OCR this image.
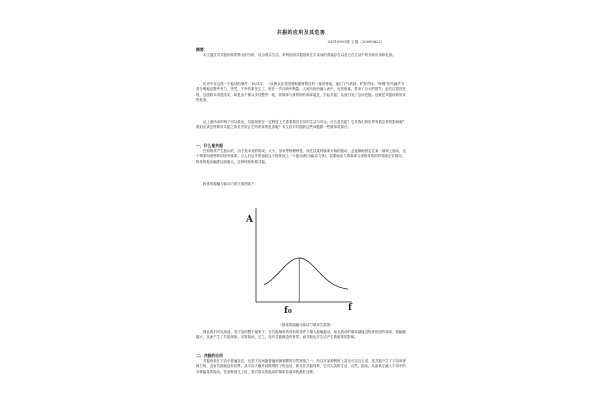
共振的应用及其危害
03510901班 王强（20090822）
摘要：
本文通过对共振现象的特点的分析，结合现实生活，举例说明共振现象在宇宙间的普遍存在以及它在生活中的具体应用和危害。
历史中有这样一个振动的事件：1831年，一队骑兵在英国曼彻斯特附近的一座吊桥前，他们下气勃勃、旷野声扬，"咔嚓"的马蹄声节奏分明地由整齐有力，突然，不幸的事发生了，桥在一声巨响中断裂，人和马纷纷落入河中，死伤惨重，带来了巨大的损失。追究过原因发现，这座桥本身很结实，却是由于骑兵步伐整齐一致，其频率与桥的固有频率接近，引起共振，从而引发了这场悲剧。这就是共振现象带来的危害。
从上面所举的例子可以看出，共振现象在一定程度上关系着我们日常的生活与安全。什么是共振？它对我们的世界有着怎样的影响呢？我们应该怎样利用共振之所长并防止它所带来的危害呢？本文将对共振的这些问题做一些简单的探讨。
一、什么是共振
任何物体产生振动后，由于其本身的构成、大小、形状等物理特性，原先以某种频率开始的振动，会逐渐地固定在某一频率上振动，这个频率叫该物体的固有频率。当人们从外界再给这个物体加上一个振动(称为驱动力)时，如果驱动力的频率与该物体的固有频率正好相同，物体的振动幅度达到最大，这种现象叫做共振。
物体的振幅与驱动力的关系图如下：
A
f₀	f
（物体的振幅与驱动力频率关系图）
图此我们可以知道，若干倍的整个频率下，在共振频率所具有的条件下增大振幅振动，而且振动的频率越接近物体的固有频率，振幅就越大，从而产生了共振现象。尽管如此，总之，没有共振就没有世界，而共振也对生活产生着重要的影响。
二、共振的应用
共振现象在宇宙中普遍存在，也是宇宙间最普遍和最频繁的自然现象之一。所以在某种程度上甚至可以这么说，是共振产生了宇宙和世间万物。没有共振就没有世界。从宇宙大爆炸到微观粒子的运动，都存在共振现象，它对人类的生活，自然，振动，从而真正融入宇宙中的各种能量的振动，在某种意义上说，是对真实的振动的频率及频率的最好诠释。
